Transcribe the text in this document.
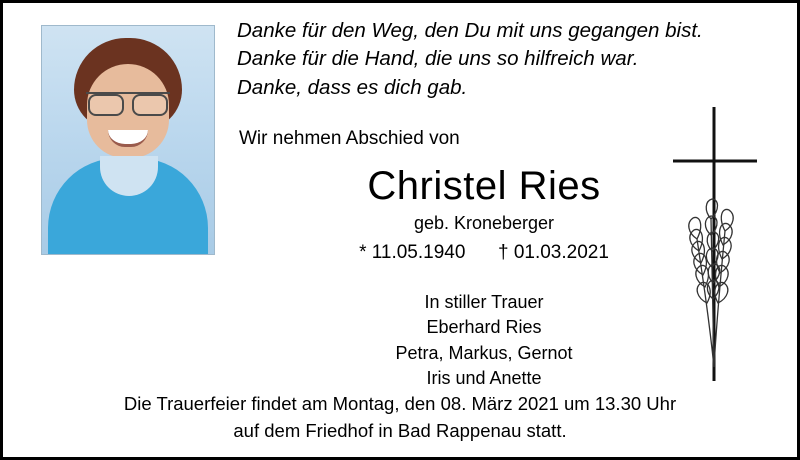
Danke für den Weg, den Du mit uns gegangen bist.
Danke für die Hand, die uns so hilfreich war.
Danke, dass es dich gab.
Wir nehmen Abschied von
Christel Ries
geb. Kroneberger
* 11.05.1940 † 01.03.2021
In stiller Trauer
Eberhard Ries
Petra, Markus, Gernot
Iris und Anette
Die Trauerfeier findet am Montag, den 08. März 2021 um 13.30 Uhr
auf dem Friedhof in Bad Rappenau statt.
